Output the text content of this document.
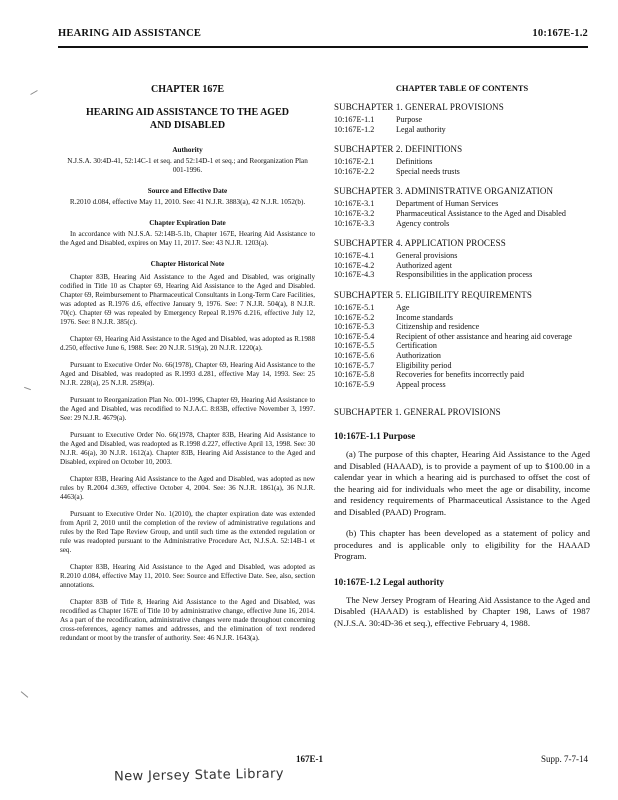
HEARING AID ASSISTANCE	10:167E-1.2
CHAPTER 167E
HEARING AID ASSISTANCE TO THE AGED AND DISABLED
Authority
N.J.S.A. 30:4D-41, 52:14C-1 et seq. and 52:14D-1 et seq.; and Reorganization Plan 001-1996.
Source and Effective Date
R.2010 d.084, effective May 11, 2010. See: 41 N.J.R. 3883(a), 42 N.J.R. 1052(b).
Chapter Expiration Date
In accordance with N.J.S.A. 52:14B-5.1b, Chapter 167E, Hearing Aid Assistance to the Aged and Disabled, expires on May 11, 2017. See: 43 N.J.R. 1203(a).
Chapter Historical Note
Chapter 83B, Hearing Aid Assistance to the Aged and Disabled, was originally codified in Title 10 as Chapter 69, Hearing Aid Assistance to the Aged and Disabled. Chapter 69, Reimbursement to Pharmaceutical Consultants in Long-Term Care Facilities, was adopted as R.1976 d.6, effective January 9, 1976. See: 7 N.J.R. 504(a), 8 N.J.R. 70(c). Chapter 69 was repealed by Emergency Repeal R.1976 d.216, effective July 12, 1976. See: 8 N.J.R. 385(c).
Chapter 69, Hearing Aid Assistance to the Aged and Disabled, was adopted as R.1988 d.250, effective June 6, 1988. See: 20 N.J.R. 519(a), 20 N.J.R. 1220(a).
Pursuant to Executive Order No. 66(1978), Chapter 69, Hearing Aid Assistance to the Aged and Disabled, was readopted as R.1993 d.281, effective May 14, 1993. See: 25 N.J.R. 228(a), 25 N.J.R. 2589(a).
Pursuant to Reorganization Plan No. 001-1996, Chapter 69, Hearing Aid Assistance to the Aged and Disabled, was recodified to N.J.A.C. 8:83B, effective November 3, 1997. See: 29 N.J.R. 4679(a).
Pursuant to Executive Order No. 66(1978, Chapter 83B, Hearing Aid Assistance to the Aged and Disabled, was readopted as R.1998 d.227, effective April 13, 1998. See: 30 N.J.R. 46(a), 30 N.J.R. 1612(a). Chapter 83B, Hearing Aid Assistance to the Aged and Disabled, expired on October 10, 2003.
Chapter 83B, Hearing Aid Assistance to the Aged and Disabled, was adopted as new rules by R.2004 d.369, effective October 4, 2004. See: 36 N.J.R. 1861(a), 36 N.J.R. 4463(a).
Pursuant to Executive Order No. 1(2010), the chapter expiration date was extended from April 2, 2010 until the completion of the review of administrative regulations and rules by the Red Tape Review Group, and until such time as the extended regulation or rule was readopted pursuant to the Administrative Procedure Act, N.J.S.A. 52:14B-1 et seq.
Chapter 83B, Hearing Aid Assistance to the Aged and Disabled, was adopted as R.2010 d.084, effective May 11, 2010. See: Source and Effective Date. See, also, section annotations.
Chapter 83B of Title 8, Hearing Aid Assistance to the Aged and Disabled, was recodified as Chapter 167E of Title 10 by administrative change, effective June 16, 2014. As a part of the recodification, administrative changes were made throughout concerning cross-references, agency names and addresses, and the elimination of text rendered redundant or moot by the transfer of authority. See: 46 N.J.R. 1643(a).
CHAPTER TABLE OF CONTENTS
SUBCHAPTER 1. GENERAL PROVISIONS
10:167E-1.1	Purpose
10:167E-1.2	Legal authority
SUBCHAPTER 2. DEFINITIONS
10:167E-2.1	Definitions
10:167E-2.2	Special needs trusts
SUBCHAPTER 3. ADMINISTRATIVE ORGANIZATION
10:167E-3.1	Department of Human Services
10:167E-3.2	Pharmaceutical Assistance to the Aged and Disabled
10:167E-3.3	Agency controls
SUBCHAPTER 4. APPLICATION PROCESS
10:167E-4.1	General provisions
10:167E-4.2	Authorized agent
10:167E-4.3	Responsibilities in the application process
SUBCHAPTER 5. ELIGIBILITY REQUIREMENTS
10:167E-5.1	Age
10:167E-5.2	Income standards
10:167E-5.3	Citizenship and residence
10:167E-5.4	Recipient of other assistance and hearing aid coverage
10:167E-5.5	Certification
10:167E-5.6	Authorization
10:167E-5.7	Eligibility period
10:167E-5.8	Recoveries for benefits incorrectly paid
10:167E-5.9	Appeal process
SUBCHAPTER 1. GENERAL PROVISIONS
10:167E-1.1 Purpose
(a) The purpose of this chapter, Hearing Aid Assistance to the Aged and Disabled (HAAAD), is to provide a payment of up to $100.00 in a calendar year in which a hearing aid is purchased to offset the cost of the hearing aid for individuals who meet the age or disability, income and residency requirements of Pharmaceutical Assistance to the Aged and Disabled (PAAD) Program.
(b) This chapter has been developed as a statement of policy and procedures and is applicable only to eligibility for the HAAAD Program.
10:167E-1.2 Legal authority
The New Jersey Program of Hearing Aid Assistance to the Aged and Disabled (HAAAD) is established by Chapter 198, Laws of 1987 (N.J.S.A. 30:4D-36 et seq.), effective February 4, 1988.
167E-1	Supp. 7-7-14
New Jersey State Library
